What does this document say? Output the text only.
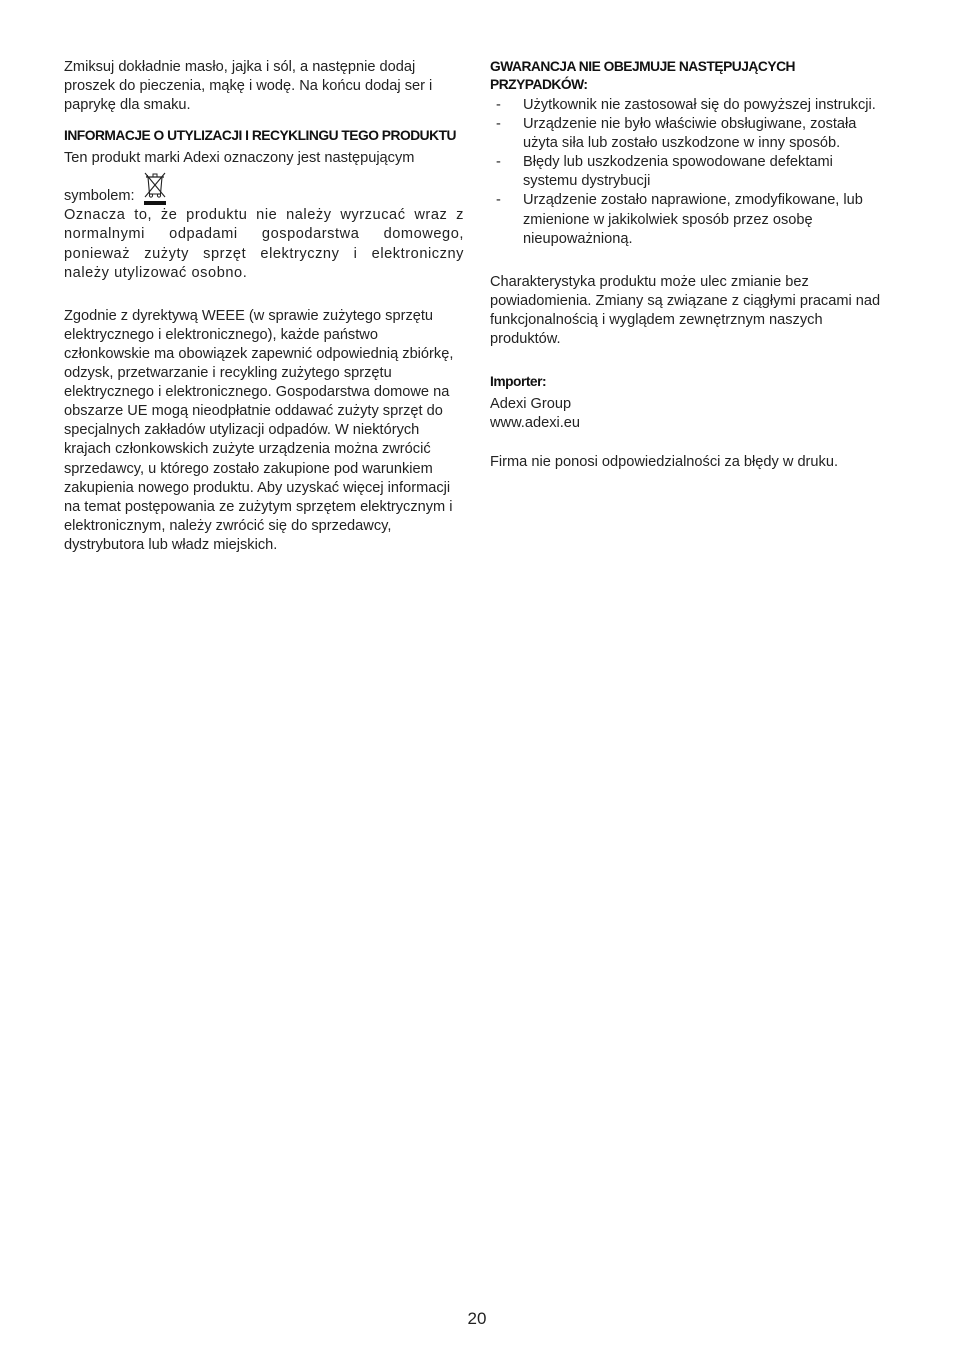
Zmiksuj dokładnie masło, jajka i sól, a następnie dodaj proszek do pieczenia, mąkę i wodę. Na końcu dodaj ser i paprykę dla smaku.

INFORMACJE O UTYLIZACJI I RECYKLINGU TEGO PRODUKTU

Ten produkt marki Adexi oznaczony jest następującym

symbolem:

Oznacza to, że produktu nie należy wyrzucać wraz z normalnymi odpadami gospodarstwa domowego, ponieważ zużyty sprzęt elektryczny i elektroniczny należy utylizować osobno.

Zgodnie z dyrektywą WEEE (w sprawie zużytego sprzętu elektrycznego i elektronicznego), każde państwo członkowskie ma obowiązek zapewnić odpowiednią zbiórkę, odzysk, przetwarzanie i recykling zużytego sprzętu elektrycznego i elektronicznego. Gospodarstwa domowe na obszarze UE mogą nieodpłatnie oddawać zużyty sprzęt do specjalnych zakładów utylizacji odpadów. W niektórych krajach członkowskich zużyte urządzenia można zwrócić sprzedawcy, u którego zostało zakupione pod warunkiem zakupienia nowego produktu. Aby uzyskać więcej informacji na temat postępowania ze zużytym sprzętem elektrycznym i elektronicznym, należy zwrócić się do sprzedawcy, dystrybutora lub władz miejskich.

GWARANCJA NIE OBEJMUJE NASTĘPUJĄCYCH PRZYPADKÓW:
- Użytkownik nie zastosował się do powyższej instrukcji.
- Urządzenie nie było właściwie obsługiwane, została użyta siła lub zostało uszkodzone w inny sposób.
- Błędy lub uszkodzenia spowodowane defektami systemu dystrybucji
- Urządzenie zostało naprawione, zmodyfikowane, lub zmienione w jakikolwiek sposób przez osobę nieupoważnioną.

Charakterystyka produktu może ulec zmianie bez powiadomienia. Zmiany są związane z ciągłymi pracami nad funkcjonalnością i wyglądem zewnętrznym naszych produktów.

Importer:

Adexi Group

www.adexi.eu

Firma nie ponosi odpowiedzialności za błędy w druku.

20
